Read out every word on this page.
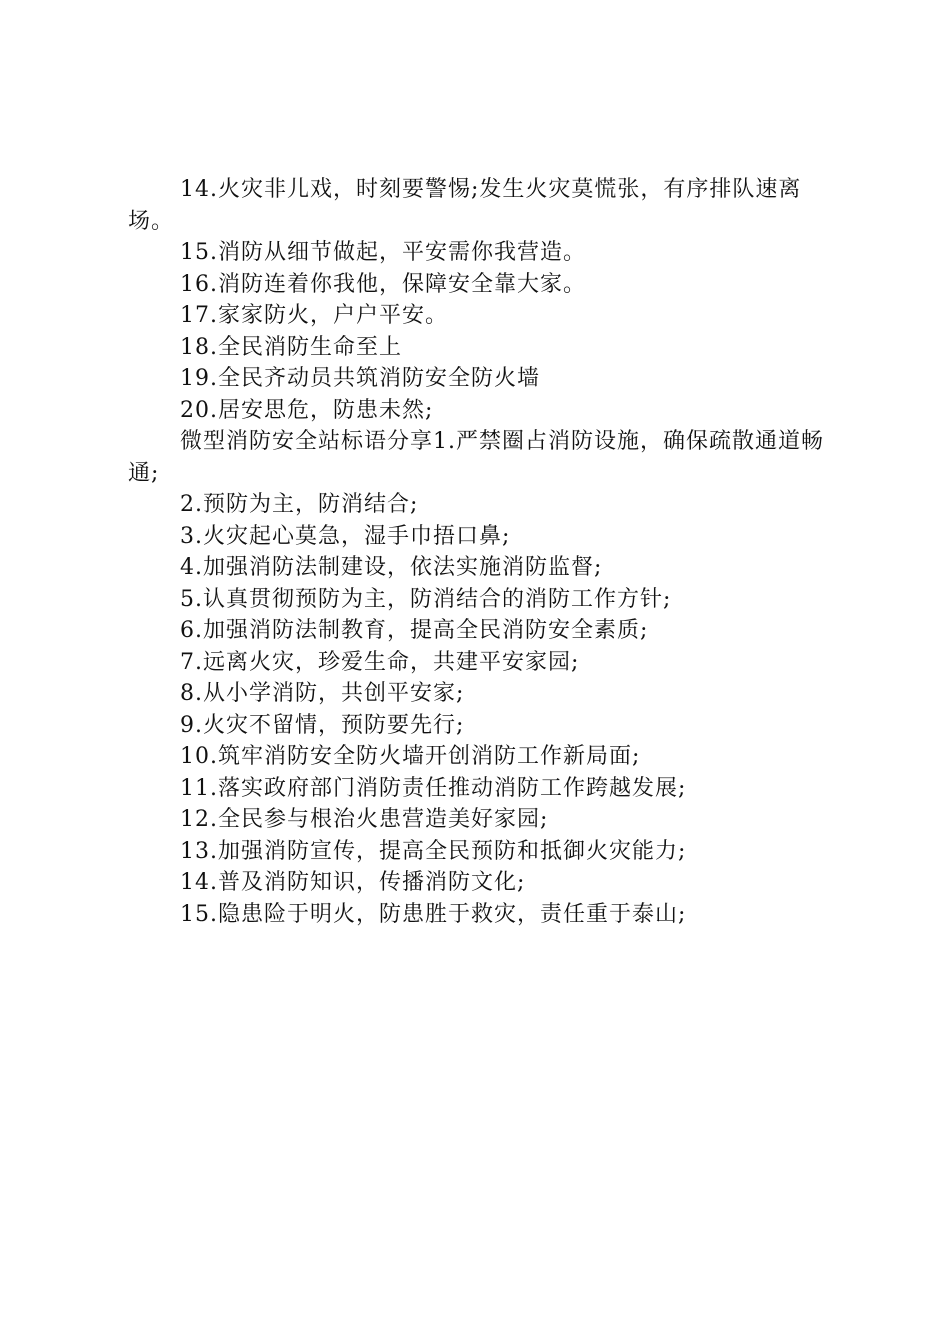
14.火灾非儿戏，时刻要警惕;发生火灾莫慌张，有序排队速离场。

15.消防从细节做起，平安需你我营造。

16.消防连着你我他，保障安全靠大家。

17.家家防火，户户平安。

18.全民消防生命至上

19.全民齐动员共筑消防安全防火墙

20.居安思危，防患未然;

微型消防安全站标语分享1.严禁圈占消防设施，确保疏散通道畅通;

2.预防为主，防消结合;

3.火灾起心莫急，湿手巾捂口鼻;

4.加强消防法制建设，依法实施消防监督;

5.认真贯彻预防为主，防消结合的消防工作方针;

6.加强消防法制教育，提高全民消防安全素质;

7.远离火灾，珍爱生命，共建平安家园;

8.从小学消防，共创平安家;

9.火灾不留情，预防要先行;

10.筑牢消防安全防火墙开创消防工作新局面;

11.落实政府部门消防责任推动消防工作跨越发展;

12.全民参与根治火患营造美好家园;

13.加强消防宣传，提高全民预防和抵御火灾能力;

14.普及消防知识，传播消防文化;

15.隐患险于明火，防患胜于救灾，责任重于泰山;
